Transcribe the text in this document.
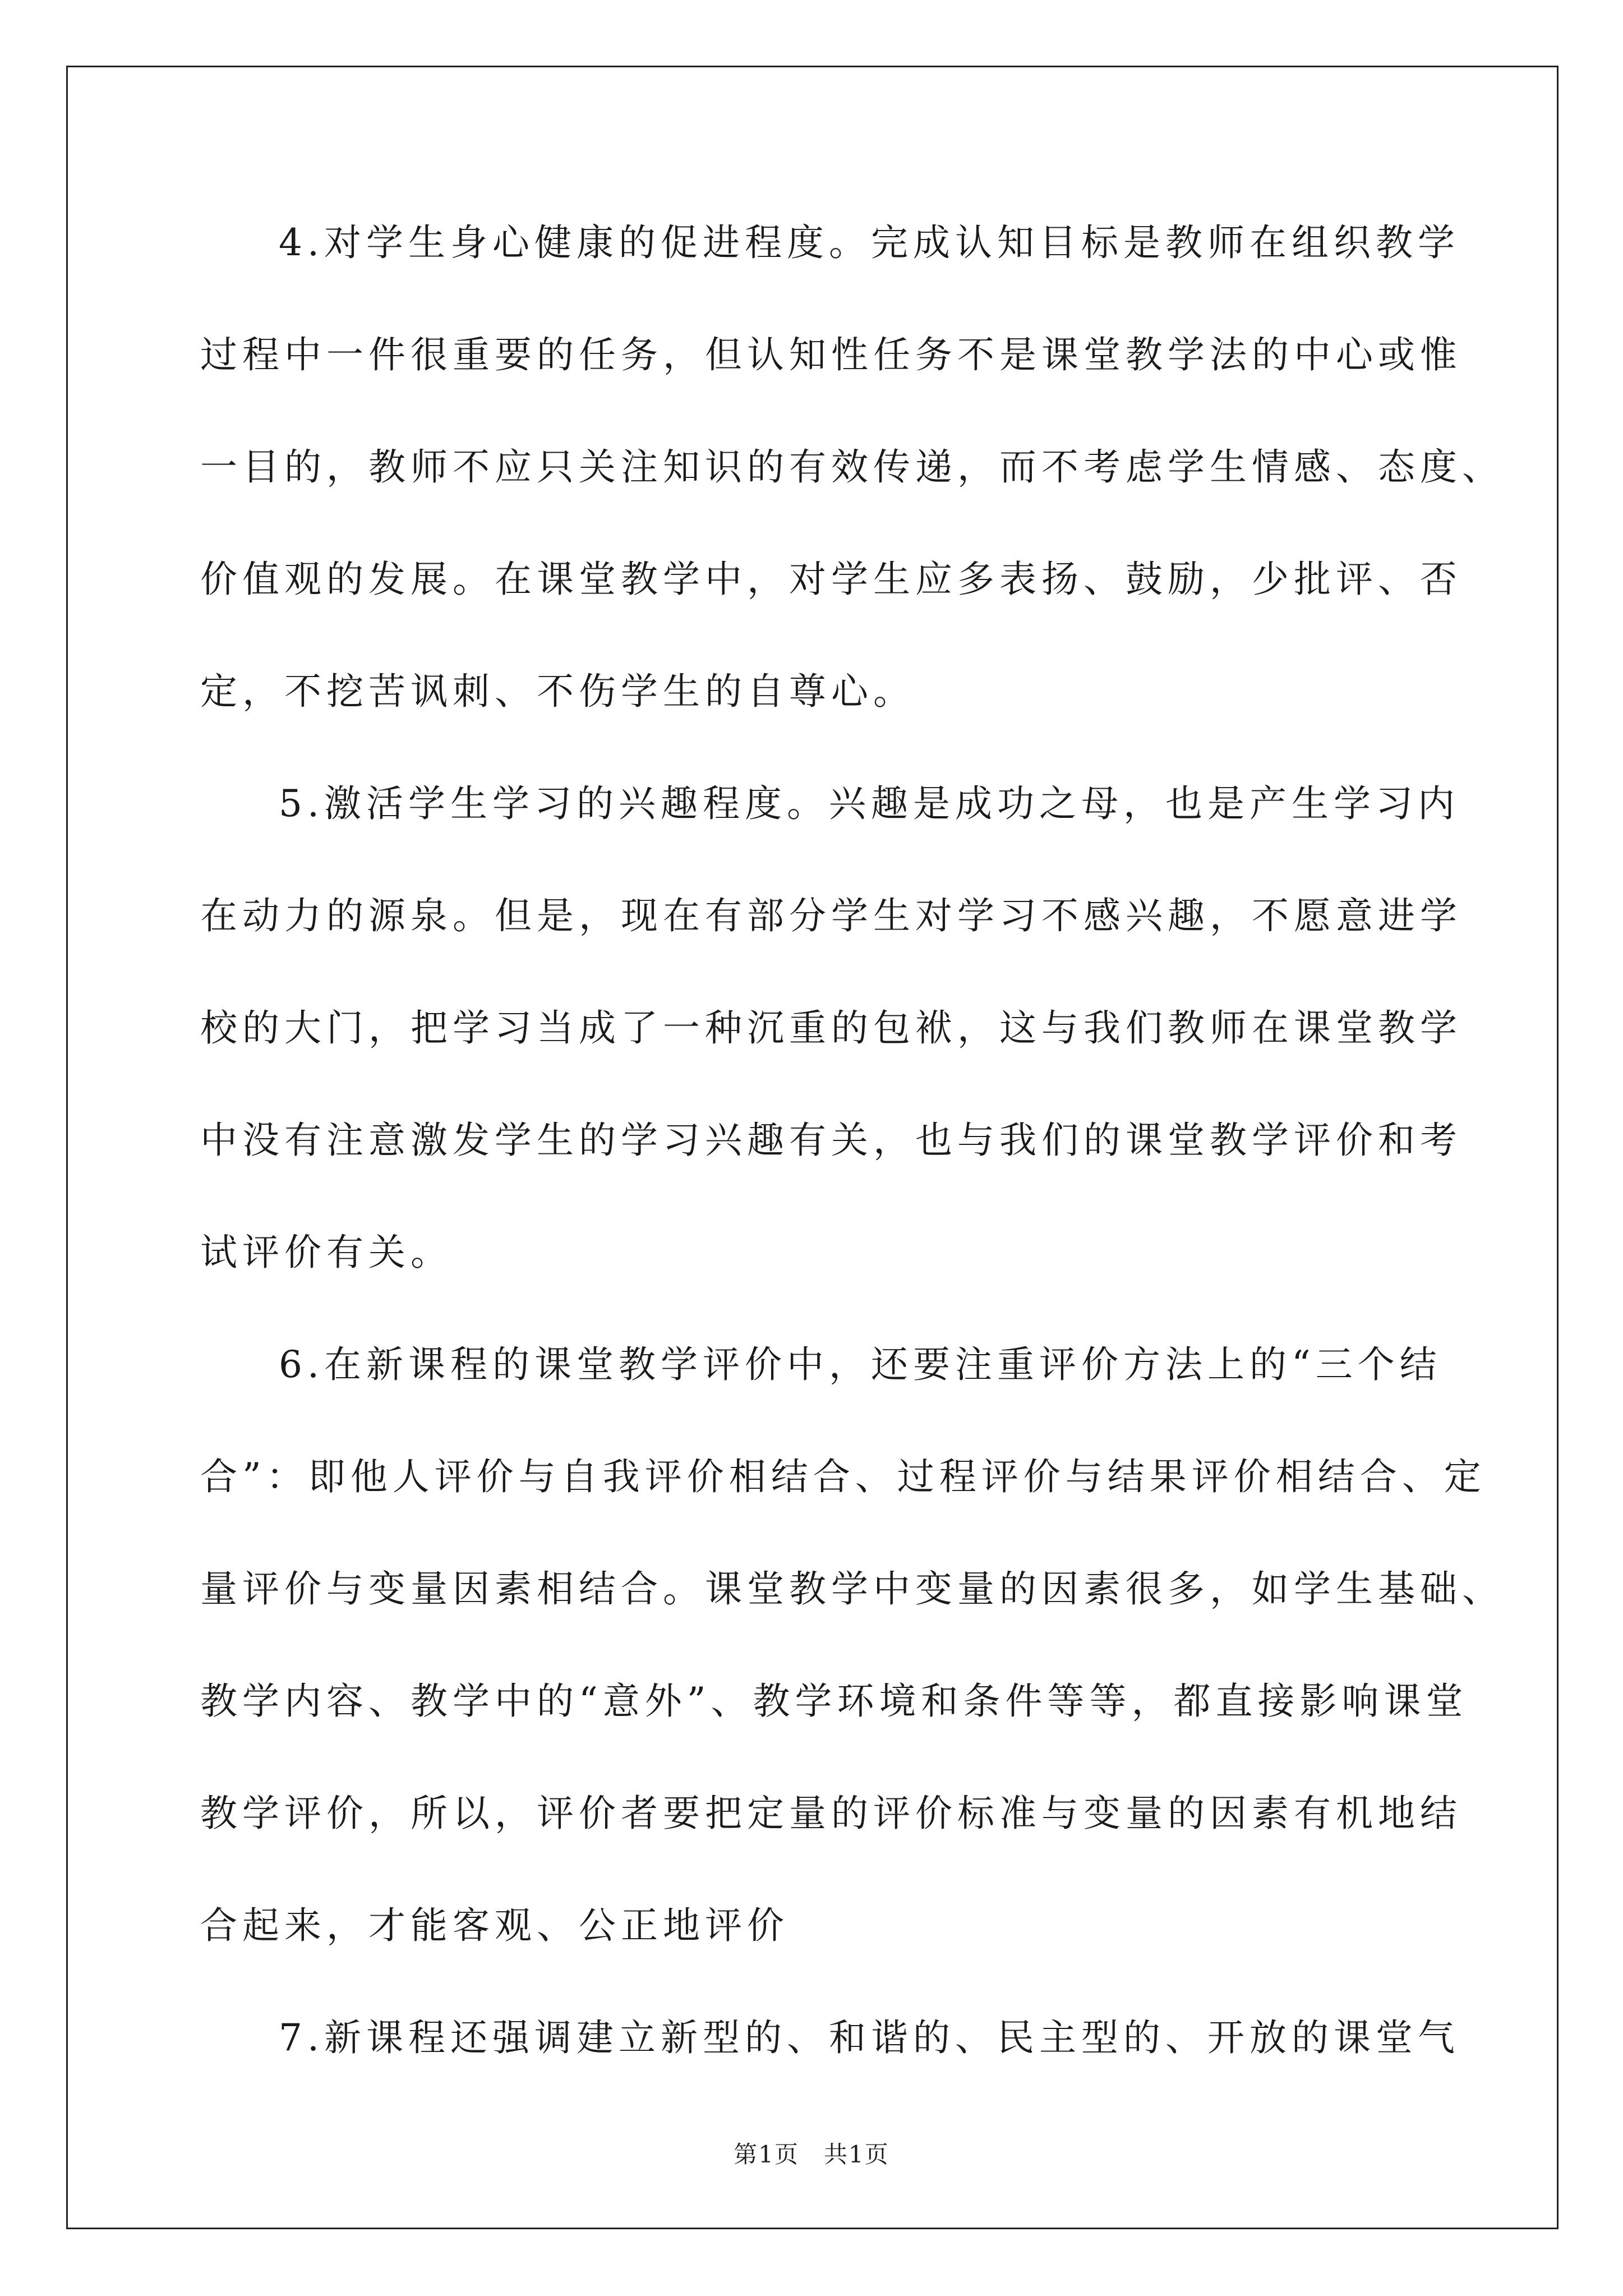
4.对学生身心健康的促进程度。完成认知目标是教师在组织教学
过程中一件很重要的任务，但认知性任务不是课堂教学法的中心或惟
一目的，教师不应只关注知识的有效传递，而不考虑学生情感、态度、
价值观的发展。在课堂教学中，对学生应多表扬、鼓励，少批评、否
定，不挖苦讽刺、不伤学生的自尊心。
5.激活学生学习的兴趣程度。兴趣是成功之母，也是产生学习内
在动力的源泉。但是，现在有部分学生对学习不感兴趣，不愿意进学
校的大门，把学习当成了一种沉重的包袱，这与我们教师在课堂教学
中没有注意激发学生的学习兴趣有关，也与我们的课堂教学评价和考
试评价有关。
6.在新课程的课堂教学评价中，还要注重评价方法上的“三个结
合”：即他人评价与自我评价相结合、过程评价与结果评价相结合、定
量评价与变量因素相结合。课堂教学中变量的因素很多，如学生基础、
教学内容、教学中的“意外”、教学环境和条件等等，都直接影响课堂
教学评价，所以，评价者要把定量的评价标准与变量的因素有机地结
合起来，才能客观、公正地评价
7.新课程还强调建立新型的、和谐的、民主型的、开放的课堂气
第1页　共1页
